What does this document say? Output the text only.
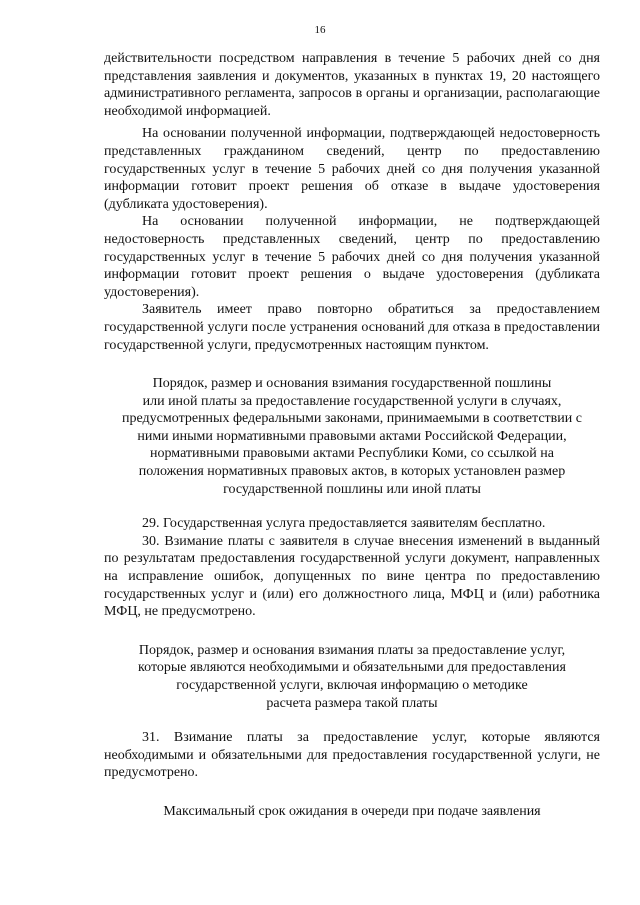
16

действительности посредством направления в течение 5 рабочих дней со дня представления заявления и документов, указанных в пунктах 19, 20 настоящего административного регламента, запросов в органы и организации, располагающие необходимой информацией.

На основании полученной информации, подтверждающей недостоверность представленных гражданином сведений, центр по предоставлению государственных услуг в течение 5 рабочих дней со дня получения указанной информации готовит проект решения об отказе в выдаче удостоверения (дубликата удостоверения).

На основании полученной информации, не подтверждающей недостоверность представленных сведений, центр по предоставлению государственных услуг в течение 5 рабочих дней со дня получения указанной информации готовит проект решения о выдаче удостоверения (дубликата удостоверения).

Заявитель имеет право повторно обратиться за предоставлением государственной услуги после устранения оснований для отказа в предоставлении государственной услуги, предусмотренных настоящим пунктом.

Порядок, размер и основания взимания государственной пошлины

или иной платы за предоставление государственной услуги в случаях,

предусмотренных федеральными законами, принимаемыми в соответствии с

ними иными нормативными правовыми актами Российской Федерации,

нормативными правовыми актами Республики Коми, со ссылкой на

положения нормативных правовых актов, в которых установлен размер

государственной пошлины или иной платы

29. Государственная услуга предоставляется заявителям бесплатно.

30. Взимание платы с заявителя в случае внесения изменений в выданный по результатам предоставления государственной услуги документ, направленных на исправление ошибок, допущенных по вине центра по предоставлению государственных услуг и (или) его должностного лица, МФЦ и (или) работника МФЦ, не предусмотрено.

Порядок, размер и основания взимания платы за предоставление услуг,

которые являются необходимыми и обязательными для предоставления

государственной услуги, включая информацию о методике

расчета размера такой платы

31. Взимание платы за предоставление услуг, которые являются необходимыми и обязательными для предоставления государственной услуги, не предусмотрено.

Максимальный срок ожидания в очереди при подаче заявления
